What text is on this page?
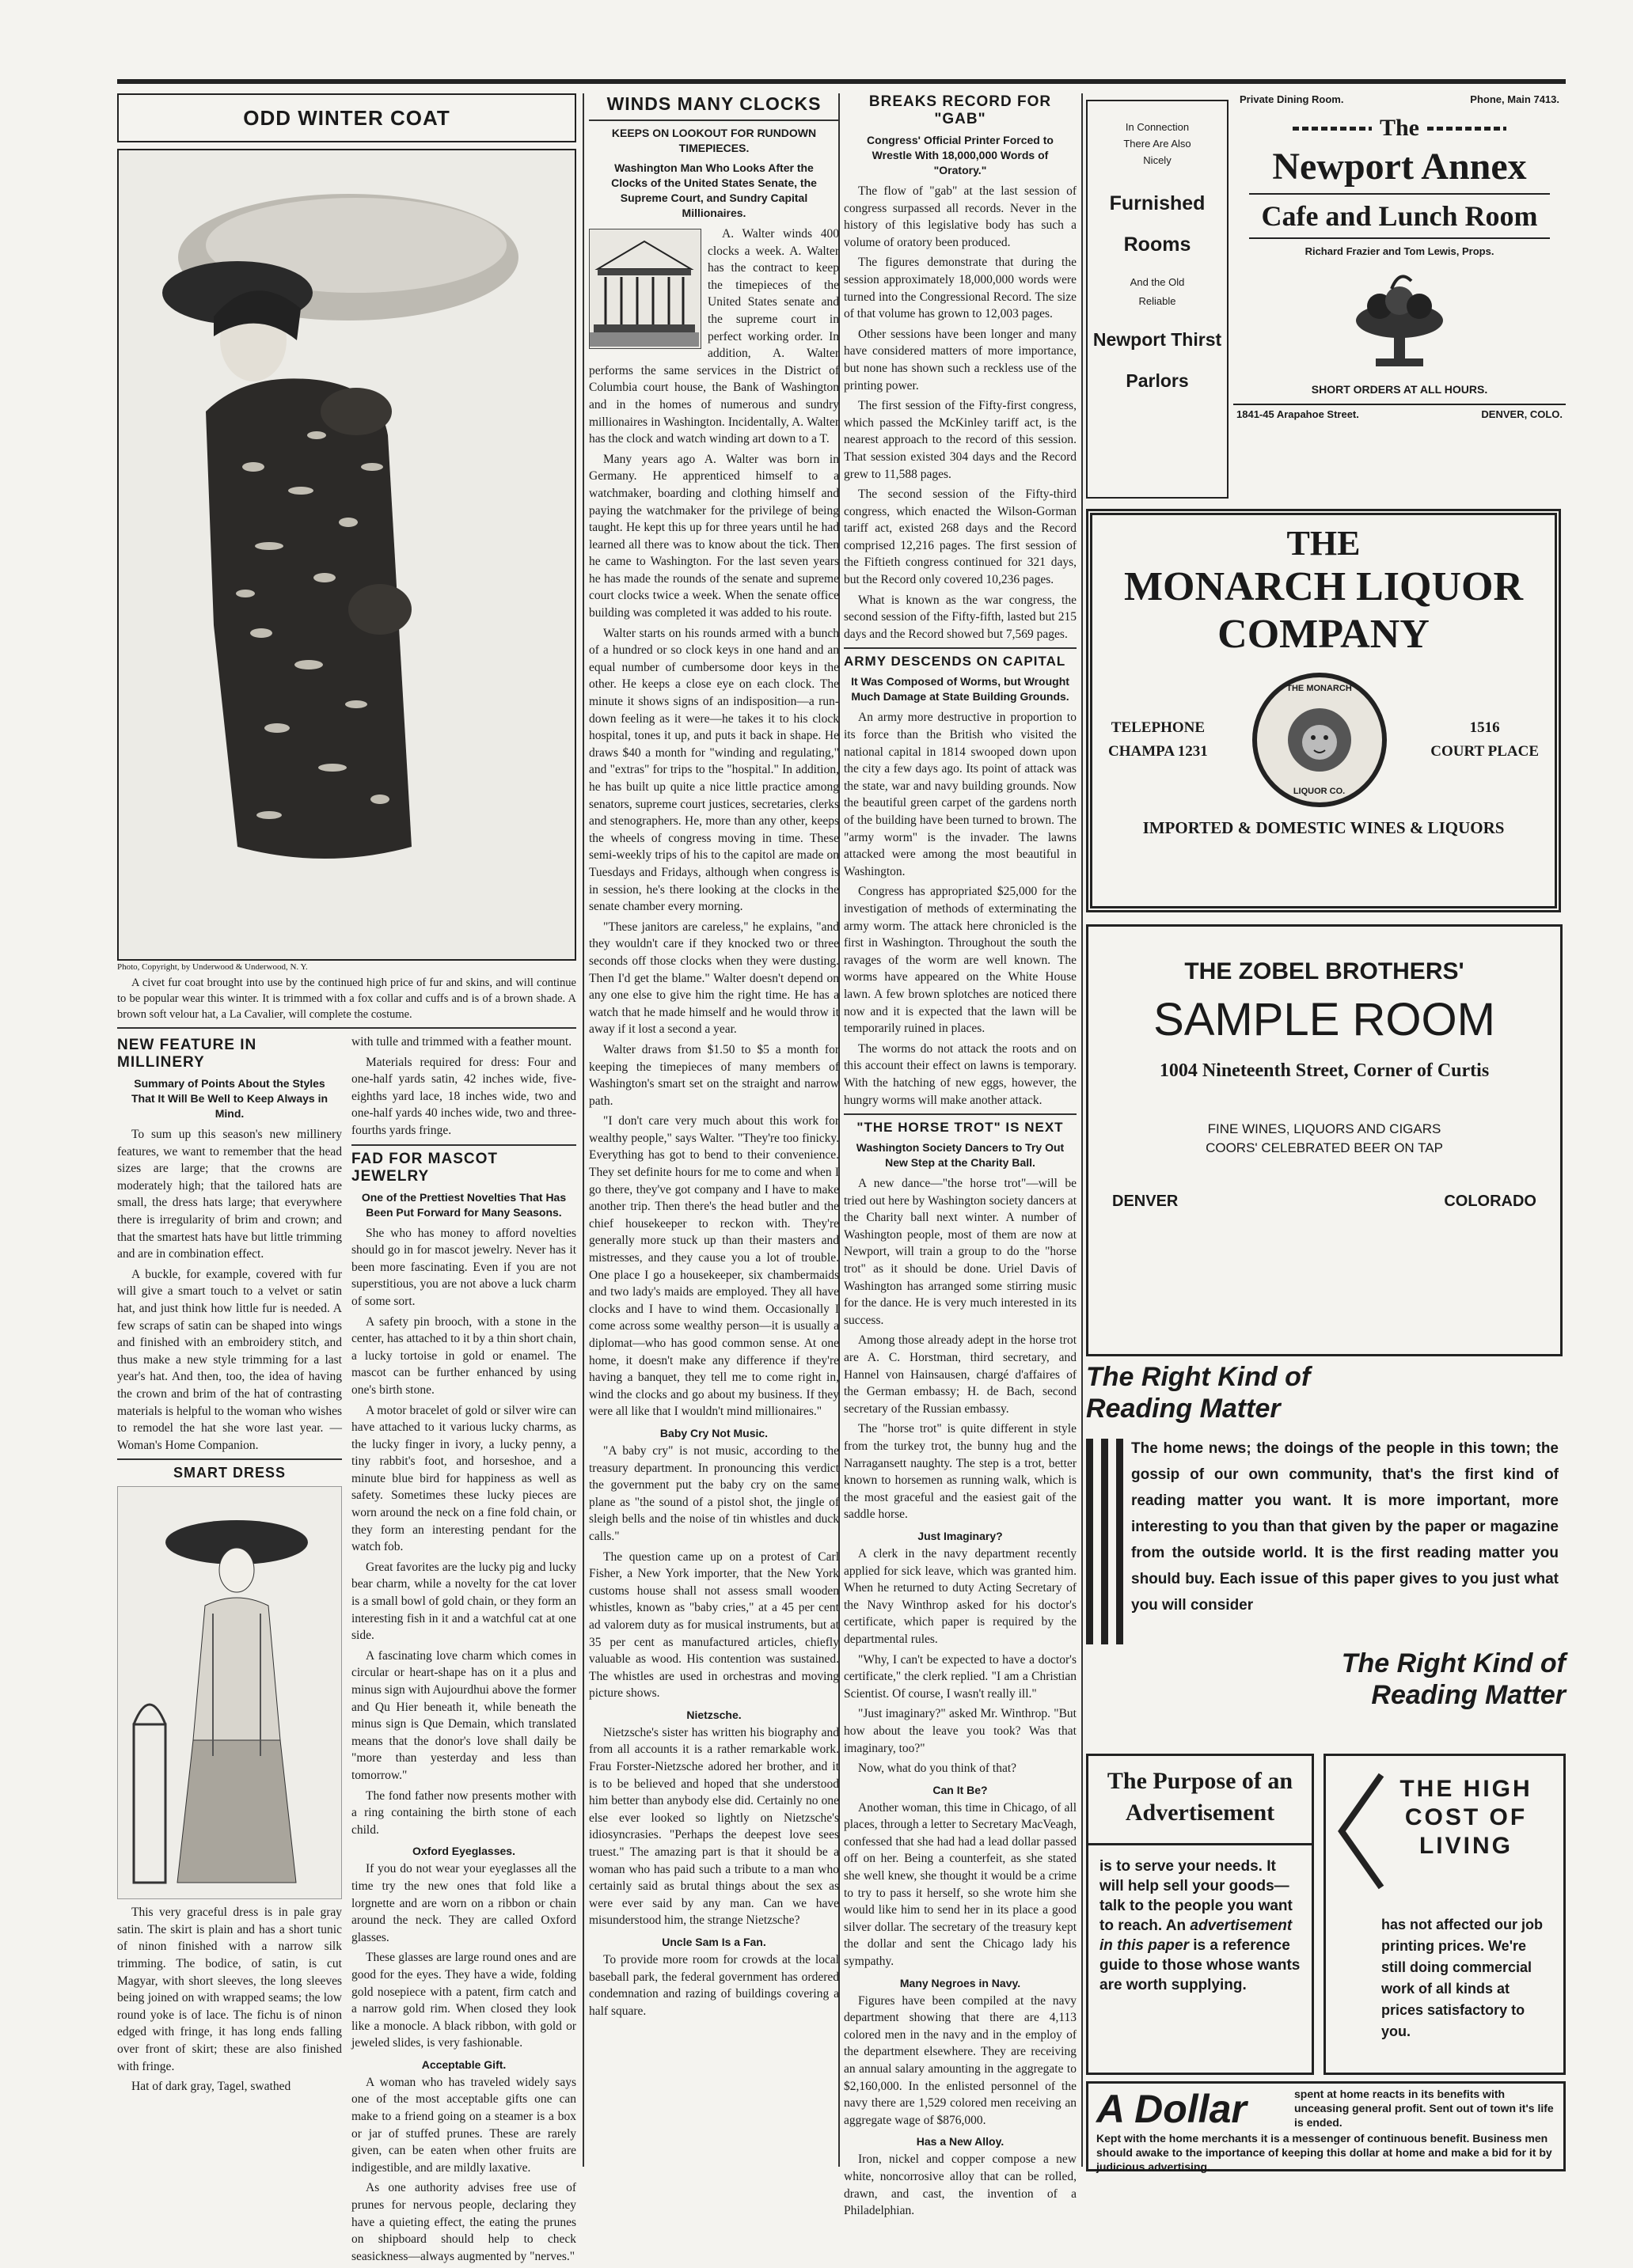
ODD WINTER COAT
Photo, Copyright, by Underwood & Underwood, N. Y.

A civet fur coat brought into use by the continued high price of fur and skins, and will continue to be popular wear this winter. It is trimmed with a fox collar and cuffs and is of a brown shade. A brown soft velour hat, a La Cavalier, will complete the costume.

NEW FEATURE IN MILLINERY
Summary of Points About the Styles That It Will Be Well to Keep Always in Mind.

To sum up this season's new millinery features, we want to remember that the head sizes are large; that the crowns are moderately high; that the tailored hats are small, the dress hats large; that everywhere there is irregularity of brim and crown; and that the smartest hats have but little trimming and are in combination effect.

A buckle, for example, covered with fur will give a smart touch to a velvet or satin hat, and just think how little fur is needed. A few scraps of satin can be shaped into wings and finished with an embroidery stitch, and thus make a new style trimming for a last year's hat. And then, too, the idea of having the crown and brim of the hat of contrasting materials is helpful to the woman who wishes to remodel the hat she wore last year. —Woman's Home Companion.

SMART DRESS

This very graceful dress is in pale gray satin. The skirt is plain and has a short tunic of ninon finished with a narrow silk trimming. The bodice, of satin, is cut Magyar, with short sleeves, the long sleeves being joined on with wrapped seams; the low round yoke is of lace. The fichu is of ninon edged with fringe, it has long ends falling over front of skirt; these are also finished with fringe.

Hat of dark gray, Tagel, swathed

with tulle and trimmed with a feather mount.

Materials required for dress: Four and one-half yards satin, 42 inches wide, five-eighths yard lace, 18 inches wide, two and one-half yards 40 inches wide, two and three-fourths yards fringe.

FAD FOR MASCOT JEWELRY
One of the Prettiest Novelties That Has Been Put Forward for Many Seasons.

She who has money to afford novelties should go in for mascot jewelry. Never has it been more fascinating. Even if you are not superstitious, you are not above a luck charm of some sort.

A safety pin brooch, with a stone in the center, has attached to it by a thin short chain, a lucky tortoise in gold or enamel. The mascot can be further enhanced by using one's birth stone.

A motor bracelet of gold or silver wire can have attached to it various lucky charms, as the lucky finger in ivory, a lucky penny, a tiny rabbit's foot, and horseshoe, and a minute blue bird for happiness as well as safety. Sometimes these lucky pieces are worn around the neck on a fine fold chain, or they form an interesting pendant for the watch fob.

Great favorites are the lucky pig and lucky bear charm, while a novelty for the cat lover is a small bowl of gold chain, or they form an interesting fish in it and a watchful cat at one side.

A fascinating love charm which comes in circular or heart-shape has on it a plus and minus sign with Aujourdhui above the former and Qu Hier beneath it, while beneath the minus sign is Que Demain, which translated means that the donor's love shall daily be "more than yesterday and less than tomorrow."

The fond father now presents mother with a ring containing the birth stone of each child.

Oxford Eyeglasses.

If you do not wear your eyeglasses all the time try the new ones that fold like a lorgnette and are worn on a ribbon or chain around the neck. They are called Oxford glasses.

These glasses are large round ones and are good for the eyes. They have a wide, folding gold nosepiece with a patent, firm catch and a narrow gold rim. When closed they look like a monocle. A black ribbon, with gold or jeweled slides, is very fashionable.

Acceptable Gift.

A woman who has traveled widely says one of the most acceptable gifts one can make to a friend going on a steamer is a box or jar of stuffed prunes. These are rarely given, can be eaten when other fruits are indigestible, and are mildly laxative.

As one authority advises free use of prunes for nervous people, declaring they have a quieting effect, the eating the prunes on shipboard should help to check seasickness—always augmented by "nerves."

WINDS MANY CLOCKS
KEEPS ON LOOKOUT FOR RUNDOWN TIMEPIECES.
Washington Man Who Looks After the Clocks of the United States Senate, the Supreme Court, and Sundry Capital Millionaires.

A. Walter winds 400 clocks a week. A. Walter has the contract to keep the timepieces of the United States senate and the supreme court in perfect working order. In addition, A. Walter performs the same services in the District of Columbia court house, the Bank of Washington and in the homes of numerous and sundry millionaires in Washington. Incidentally, A. Walter has the clock and watch winding art down to a T.

Many years ago A. Walter was born in Germany. He apprenticed himself to a watchmaker, boarding and clothing himself and paying the watchmaker for the privilege of being taught. He kept this up for three years until he had learned all there was to know about the tick. Then he came to Washington. For the last seven years he has made the rounds of the senate and supreme court clocks twice a week. When the senate office building was completed it was added to his route.

Walter starts on his rounds armed with a bunch of a hundred or so clock keys in one hand and an equal number of cumbersome door keys in the other. He keeps a close eye on each clock. The minute it shows signs of an indisposition—a run-down feeling as it were—he takes it to his clock hospital, tones it up, and puts it back in shape. He draws $40 a month for "winding and regulating," and "extras" for trips to the "hospital." In addition, he has built up quite a nice little practice among senators, supreme court justices, secretaries, clerks and stenographers. He, more than any other, keeps the wheels of congress moving in time. These semi-weekly trips of his to the capitol are made on Tuesdays and Fridays, although when congress is in session, he's there looking at the clocks in the senate chamber every morning.

"These janitors are careless," he explains, "and they wouldn't care if they knocked two or three seconds off those clocks when they were dusting. Then I'd get the blame." Walter doesn't depend on any one else to give him the right time. He has a watch that he made himself and he would throw it away if it lost a second a year.

Walter draws from $1.50 to $5 a month for keeping the timepieces of many members of Washington's smart set on the straight and narrow path.

"I don't care very much about this work for wealthy people," says Walter. "They're too finicky. Everything has got to bend to their convenience. They set definite hours for me to come and when I go there, they've got company and I have to make another trip. Then there's the head butler and the chief housekeeper to reckon with. They're generally more stuck up than their masters and mistresses, and they cause you a lot of trouble. One place I go a housekeeper, six chambermaids and two lady's maids are employed. They all have clocks and I have to wind them. Occasionally I come across some wealthy person—it is usually a diplomat—who has good common sense. At one home, it doesn't make any difference if they're having a banquet, they tell me to come right in, wind the clocks and go about my business. If they were all like that I wouldn't mind millionaires."

Baby Cry Not Music.

"A baby cry" is not music, according to the treasury department. In pronouncing this verdict the government put the baby cry on the same plane as "the sound of a pistol shot, the jingle of sleigh bells and the noise of tin whistles and duck calls."

The question came up on a protest of Carl Fisher, a New York importer, that the New York customs house shall not assess small wooden whistles, known as "baby cries," at a 45 per cent ad valorem duty as for musical instruments, but at 35 per cent as manufactured articles, chiefly valuable as wood. His contention was sustained. The whistles are used in orchestras and moving picture shows.

Nietzsche.

Nietzsche's sister has written his biography and from all accounts it is a rather remarkable work. Frau Forster-Nietzsche adored her brother, and it is to be believed and hoped that she understood him better than anybody else did. Certainly no one else ever looked so lightly on Nietzsche's idiosyncrasies. "Perhaps the deepest love sees truest." The amazing part is that it should be a woman who has paid such a tribute to a man who certainly said as brutal things about the sex as were ever said by any man. Can we have misunderstood him, the strange Nietzsche?

Uncle Sam Is a Fan.

To provide more room for crowds at the local baseball park, the federal government has ordered condemnation and razing of buildings covering a half square.

BREAKS RECORD FOR "GAB"
Congress' Official Printer Forced to Wrestle With 18,000,000 Words of "Oratory."

The flow of "gab" at the last session of congress surpassed all records. Never in the history of this legislative body has such a volume of oratory been produced.

The figures demonstrate that during the session approximately 18,000,000 words were turned into the Congressional Record. The size of that volume has grown to 12,003 pages.

Other sessions have been longer and many have considered matters of more importance, but none has shown such a reckless use of the printing power.

The first session of the Fifty-first congress, which passed the McKinley tariff act, is the nearest approach to the record of this session. That session existed 304 days and the Record grew to 11,588 pages.

The second session of the Fifty-third congress, which enacted the Wilson-Gorman tariff act, existed 268 days and the Record comprised 12,216 pages. The first session of the Fiftieth congress continued for 321 days, but the Record only covered 10,236 pages.

What is known as the war congress, the second session of the Fifty-fifth, lasted but 215 days and the Record showed but 7,569 pages.

ARMY DESCENDS ON CAPITAL
It Was Composed of Worms, but Wrought Much Damage at State Building Grounds.

An army more destructive in proportion to its force than the British who visited the national capital in 1814 swooped down upon the city a few days ago. Its point of attack was the state, war and navy building grounds. Now the beautiful green carpet of the gardens north of the building have been turned to brown. The "army worm" is the invader. The lawns attacked were among the most beautiful in Washington.

Congress has appropriated $25,000 for the investigation of methods of exterminating the army worm. The attack here chronicled is the first in Washington. Throughout the south the ravages of the worm are well known. The worms have appeared on the White House lawn. A few brown splotches are noticed there now and it is expected that the lawn will be temporarily ruined in places.

The worms do not attack the roots and on this account their effect on lawns is temporary. With the hatching of new eggs, however, the hungry worms will make another attack.

"THE HORSE TROT" IS NEXT
Washington Society Dancers to Try Out New Step at the Charity Ball.

A new dance—"the horse trot"—will be tried out here by Washington society dancers at the Charity ball next winter. A number of Washington people, most of them are now at Newport, will train a group to do the "horse trot" as it should be done. Uriel Davis of Washington has arranged some stirring music for the dance. He is very much interested in its success.

Among those already adept in the horse trot are A. C. Horstman, third secretary, and Hannel von Hainsausen, chargé d'affaires of the German embassy; H. de Bach, second secretary of the Russian embassy.

The "horse trot" is quite different in style from the turkey trot, the bunny hug and the Narragansett naughty. The step is a trot, better known to horsemen as running walk, which is the most graceful and the easiest gait of the saddle horse.

Just Imaginary?

A clerk in the navy department recently applied for sick leave, which was granted him. When he returned to duty Acting Secretary of the Navy Winthrop asked for his doctor's certificate, which paper is required by the departmental rules.

"Why, I can't be expected to have a doctor's certificate," the clerk replied. "I am a Christian Scientist. Of course, I wasn't really ill."

"Just imaginary?" asked Mr. Winthrop. "But how about the leave you took? Was that imaginary, too?"

Now, what do you think of that?

Can It Be?

Another woman, this time in Chicago, of all places, through a letter to Secretary MacVeagh, confessed that she had had a lead dollar passed off on her. Being a counterfeit, as she stated she well knew, she thought it would be a crime to try to pass it herself, so she wrote him she would like him to send her in its place a good silver dollar. The secretary of the treasury kept the dollar and sent the Chicago lady his sympathy.

Many Negroes in Navy.

Figures have been compiled at the navy department showing that there are 4,113 colored men in the navy and in the employ of the department elsewhere. They are receiving an annual salary amounting in the aggregate to $2,160,000. In the enlisted personnel of the navy there are 1,529 colored men receiving an aggregate wage of $876,000.

Has a New Alloy.

Iron, nickel and copper compose a new white, noncorrosive alloy that can be rolled, drawn, and cast, the invention of a Philadelphian.

In Connection
There Are Also
Nicely
Furnished
Rooms
And the Old
Reliable
Newport Thirst
Parlors
Private Dining Room.	Phone, Main 7413.
The
Newport Annex
Cafe and Lunch Room
Richard Frazier and Tom Lewis, Props.
SHORT ORDERS AT ALL HOURS.
1841-45 Arapahoe Street.	DENVER, COLO.
THE
MONARCH LIQUOR
COMPANY
TELEPHONE
CHAMPA 1231
THE MONARCH
LIQUOR CO.
1516
COURT PLACE
IMPORTED & DOMESTIC WINES & LIQUORS
THE ZOBEL BROTHERS'
SAMPLE ROOM
1004 Nineteenth Street, Corner of Curtis
FINE WINES, LIQUORS AND CIGARS
COORS' CELEBRATED BEER ON TAP
DENVER	COLORADO
The Right Kind of
Reading Matter
The home news; the doings of the people in this town; the gossip of our own community, that's the first kind of reading matter you want. It is more important, more interesting to you than that given by the paper or magazine from the outside world. It is the first reading matter you should buy. Each issue of this paper gives to you just what you will consider
The Right Kind of
Reading Matter
The Purpose of an
Advertisement
is to serve your needs. It will help sell your goods—talk to the people you want to reach. An advertisement in this paper is a reference guide to those whose wants are worth supplying.
THE HIGH
COST OF
LIVING
has not affected our job printing prices. We're still doing commercial work of all kinds at prices satisfactory to you.
A Dollar	spent at home reacts in its benefits with unceasing general profit. Sent out of town it's life is ended.
Kept with the home merchants it is a messenger of continuous benefit. Business men should awake to the importance of keeping this dollar at home and make a bid for it by judicious advertising.
